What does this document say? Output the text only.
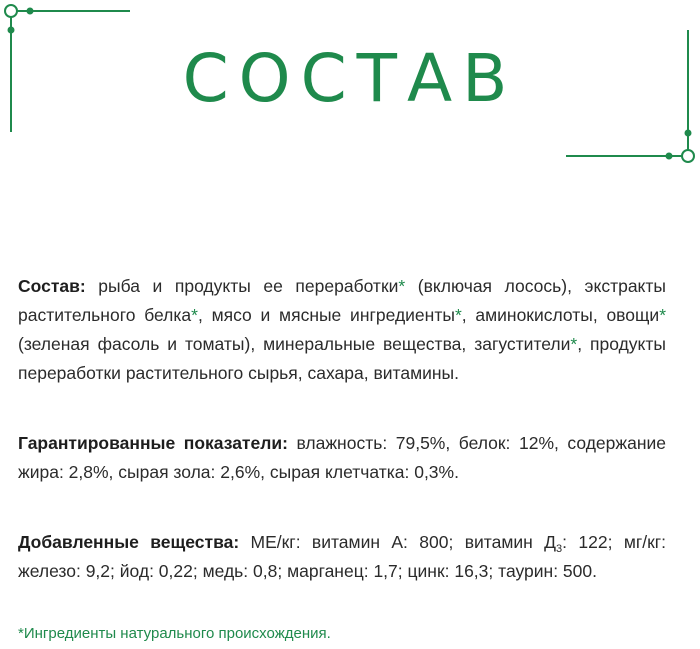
СОСТАВ
Состав: рыба и продукты ее переработки* (включая лосось), экстракты растительного белка*, мясо и мясные ингредиенты*, аминокислоты, овощи* (зеленая фасоль и томаты), минеральные вещества, загустители*, продукты переработки растительного сырья, сахара, витамины.
Гарантированные показатели: влажность: 79,5%, белок: 12%, содержание жира: 2,8%, сырая зола: 2,6%, сырая клетчатка: 0,3%.
Добавленные вещества: МЕ/кг: витамин А: 800; витамин $Д_3$: 122; мг/кг: железо: 9,2; йод: 0,22; медь: 0,8; марганец: 1,7; цинк: 16,3; таурин: 500.
*Ингредиенты натурального происхождения.
